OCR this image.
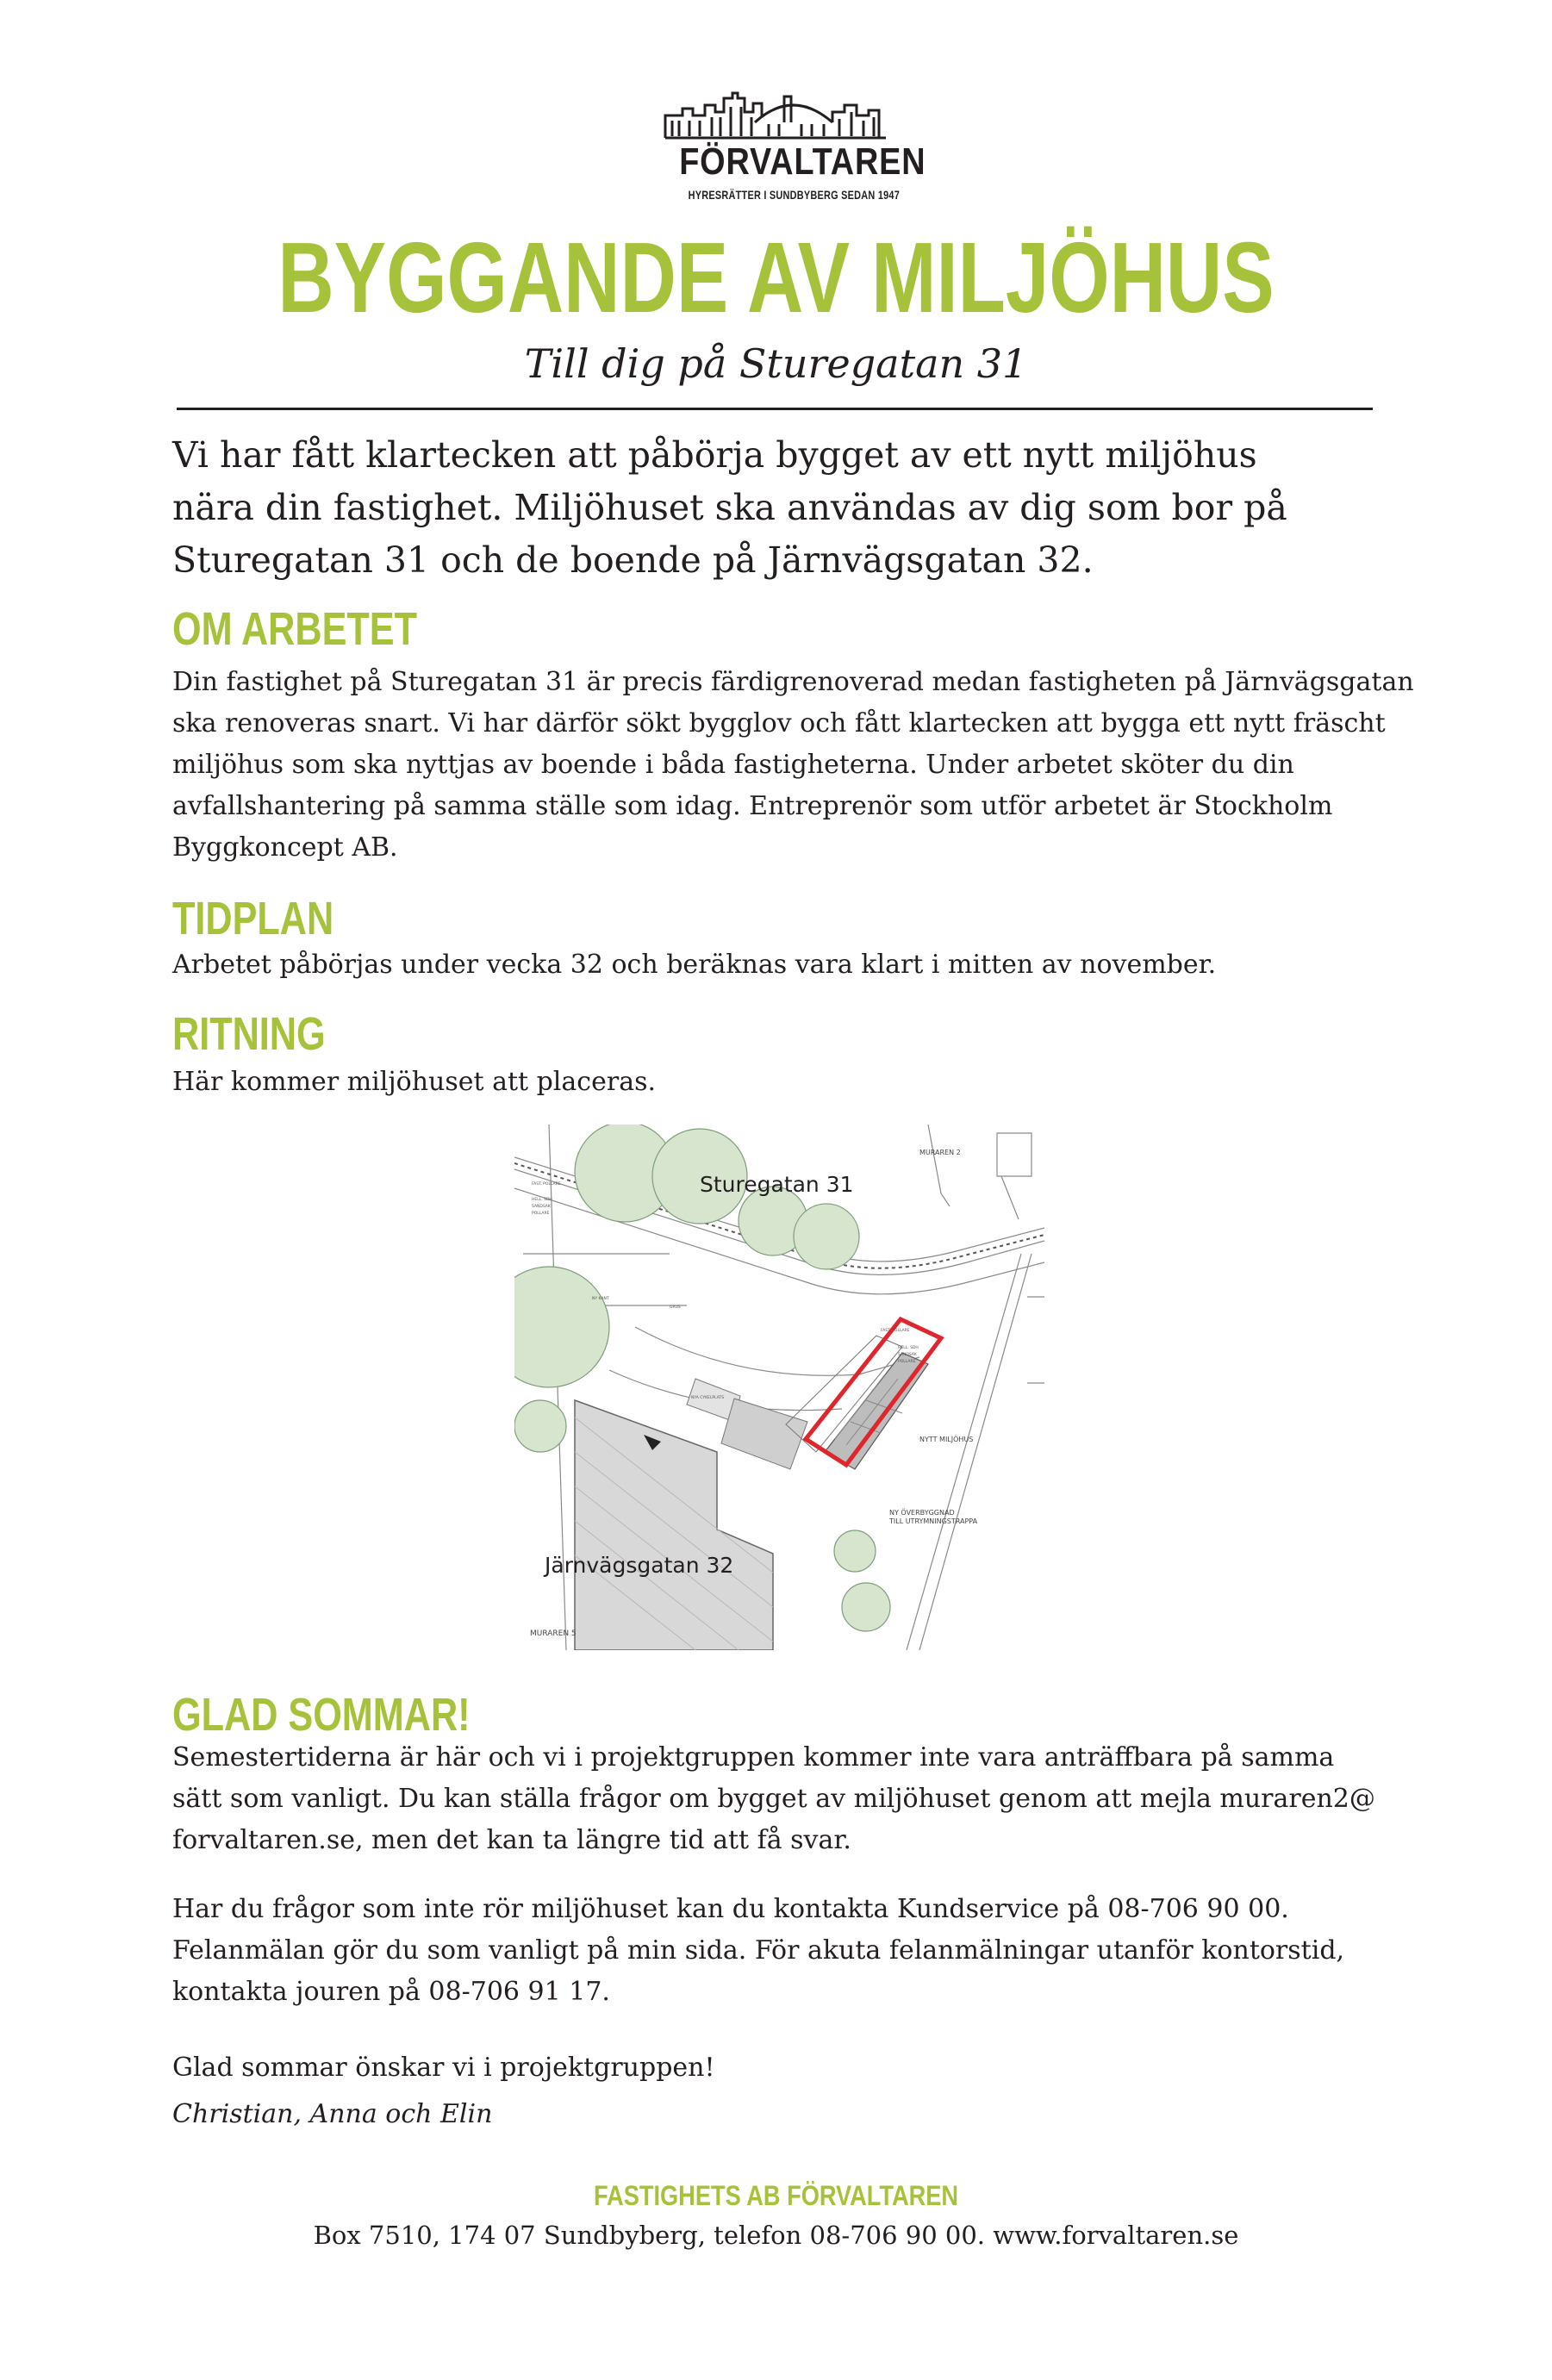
FÖRVALTAREN
HYRESRÄTTER I SUNDBYBERG SEDAN 1947
BYGGANDE AV MILJÖHUS
Till dig på Sturegatan 31
Vi har fått klartecken att påbörja bygget av ett nytt miljöhus
nära din fastighet. Miljöhuset ska användas av dig som bor på
Sturegatan 31 och de boende på Järnvägsgatan 32.
OM ARBETET
Din fastighet på Sturegatan 31 är precis färdigrenoverad medan fastigheten på Järnvägsgatan
ska renoveras snart. Vi har därför sökt bygglov och fått klartecken att bygga ett nytt fräscht
miljöhus som ska nyttjas av boende i båda fastigheterna. Under arbetet sköter du din
avfallshantering på samma ställe som idag. Entreprenör som utför arbetet är Stockholm
Byggkoncept AB.
TIDPLAN
Arbetet påbörjas under vecka 32 och beräknas vara klart i mitten av november.
RITNING
Här kommer miljöhuset att placeras.
MURAREN 2
NYTT MILJÖHUS
NY ÖVERBYGGNAD
TILL UTRYMNINGSTRAPPA
MURAREN 5
FAST. POLLARE
HELL. SDH
SANDSAK
POLLARE
NY KANT
NYA CYKELPLATS
FAST. POLLARE
HELL. SDH
SANDSAK
POLLARE
GRUS
Sturegatan 31
Järnvägsgatan 32
GLAD SOMMAR!
Semestertiderna är här och vi i projektgruppen kommer inte vara anträffbara på samma
sätt som vanligt. Du kan ställa frågor om bygget av miljöhuset genom att mejla muraren2@
forvaltaren.se, men det kan ta längre tid att få svar.
Har du frågor som inte rör miljöhuset kan du kontakta Kundservice på 08-706 90 00.
Felanmälan gör du som vanligt på min sida. För akuta felanmälningar utanför kontorstid,
kontakta jouren på 08-706 91 17.
Glad sommar önskar vi i projektgruppen!
Christian, Anna och Elin
FASTIGHETS AB FÖRVALTAREN
Box 7510, 174 07 Sundbyberg, telefon 08-706 90 00. www.forvaltaren.se
